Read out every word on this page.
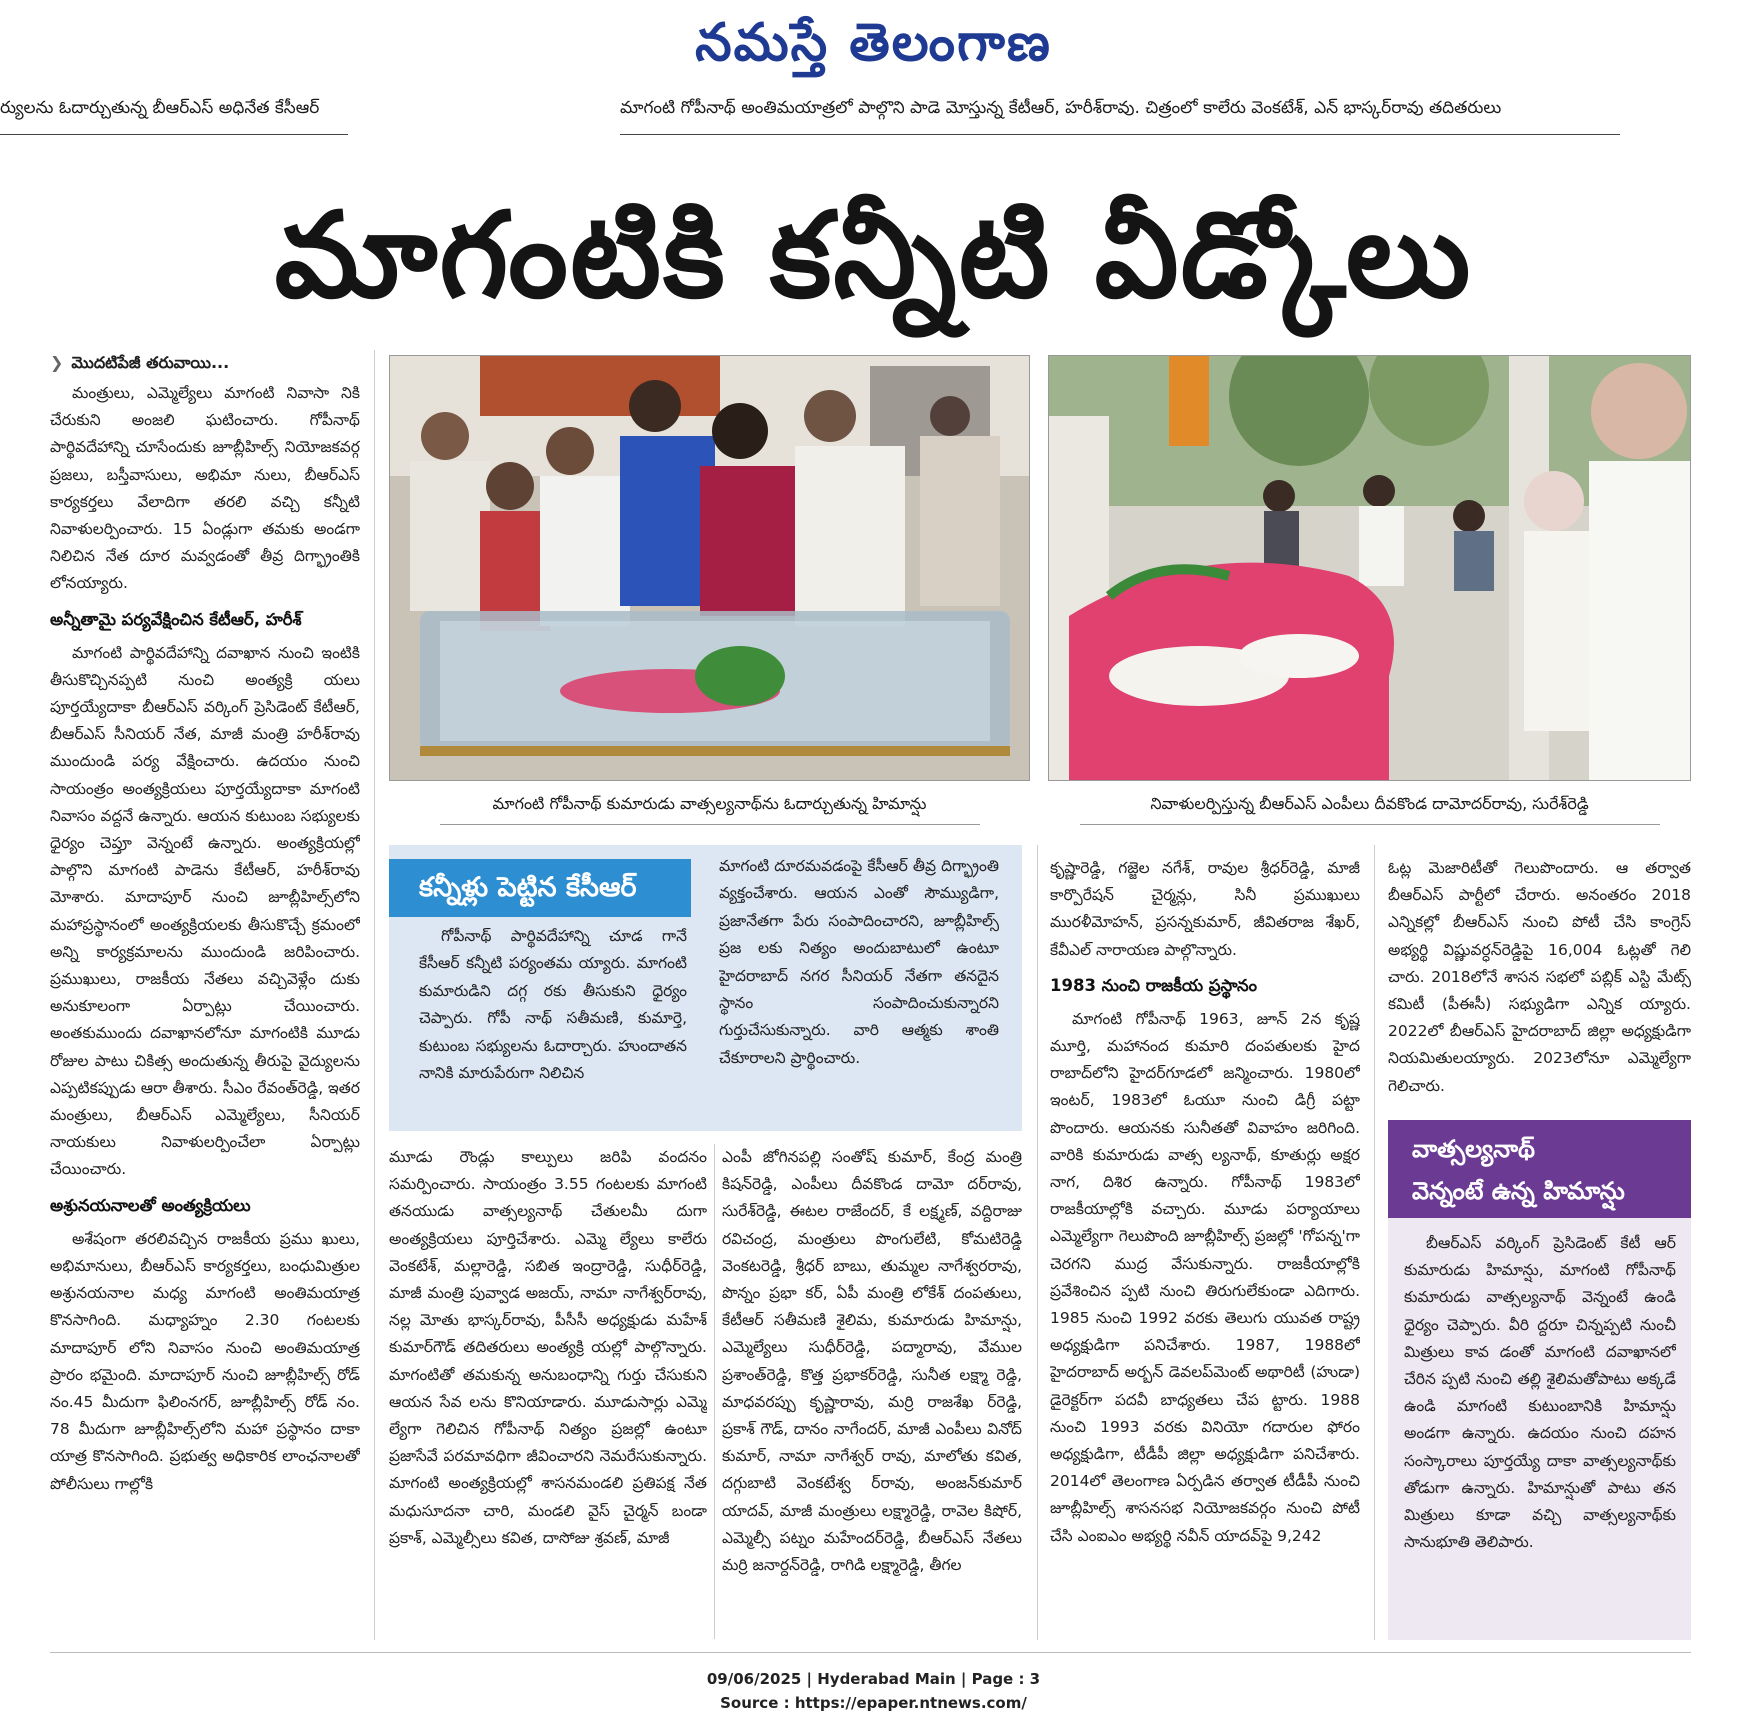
నమస్తే తెలంగాణ
ర్యులను ఓదార్చుతున్న బీఆర్‌ఎస్‌ అధినేత కేసీఆర్‌	మాగంటి గోపీనాథ్‌ అంతిమయాత్రలో పాల్గొని పాడె మోస్తున్న కేటీఆర్‌, హరీశ్‌రావు. చిత్రంలో కాలేరు వెంకటేశ్‌, ఎన్‌ భాస్కర్‌రావు తదితరులు
మాగంటికి కన్నీటి వీడ్కోలు
❯ మొదటిపేజీ తరువాయి...

మంత్రులు, ఎమ్మెల్యేలు మాగంటి నివాసా నికి చేరుకుని అంజలి ఘటించారు. గోపీనాథ్‌ పార్థివదేహాన్ని చూసేందుకు జూబ్లీహిల్స్‌ నియోజకవర్గ ప్రజలు, బస్తీవాసులు, అభిమా నులు, బీఆర్‌ఎస్‌ కార్యకర్తలు వేలాదిగా తరలి వచ్చి కన్నీటి నివాళులర్పించారు. 15 ఏండ్లుగా తమకు అండగా నిలిచిన నేత దూర మవ్వడంతో తీవ్ర దిగ్భ్రాంతికి లోనయ్యారు.

అన్నీతామై పర్యవేక్షించిన కేటీఆర్‌, హరీశ్‌

మాగంటి పార్థివదేహాన్ని దవాఖాన నుంచి ఇంటికి తీసుకొచ్చినప్పటి నుంచి అంత్యక్రి యలు పూర్తయ్యేదాకా బీఆర్‌ఎస్‌ వర్కింగ్‌ ప్రెసిడెంట్‌ కేటీఆర్‌, బీఆర్‌ఎస్‌ సీనియర్‌ నేత, మాజీ మంత్రి హరీశ్‌రావు ముందుండి పర్య వేక్షించారు. ఉదయం నుంచి సాయంత్రం అంత్యక్రియలు పూర్తయ్యేదాకా మాగంటి నివాసం వద్దనే ఉన్నారు. ఆయన కుటుంబ సభ్యులకు ధైర్యం చెప్తూ వెన్నంటే ఉన్నారు. అంత్యక్రియల్లో పాల్గొని మాగంటి పాడెను కేటీఆర్‌, హరీశ్‌రావు మోశారు. మాదాపూర్‌ నుంచి జూబ్లీహిల్స్‌లోని మహాప్రస్థానంలో అంత్యక్రియలకు తీసుకొచ్చే క్రమంలో అన్ని కార్యక్రమాలను ముందుండి జరిపించారు. ప్రముఖులు, రాజకీయ నేతలు వచ్చివెళ్లేం దుకు అనుకూలంగా ఏర్పాట్లు చేయించారు. అంతకుముందు దవాఖానలోనూ మాగంటికి మూడు రోజుల పాటు చికిత్స అందుతున్న తీరుపై వైద్యులను ఎప్పటికప్పుడు ఆరా తీశారు. సీఎం రేవంత్‌రెడ్డి, ఇతర మంత్రులు, బీఆర్‌ఎస్‌ ఎమ్మెల్యేలు, సీనియర్‌ నాయకులు నివాళులర్పించేలా ఏర్పాట్లు చేయించారు.

అశ్రునయనాలతో అంత్యక్రియలు

అశేషంగా తరలివచ్చిన రాజకీయ ప్రము ఖులు, అభిమానులు, బీఆర్‌ఎస్‌ కార్యకర్తలు, బంధుమిత్రుల అశ్రునయనాల మధ్య మాగంటి అంతిమయాత్ర కొనసాగింది. మధ్యాహ్నం 2.30 గంటలకు మాదాపూర్‌ లోని నివాసం నుంచి అంతిమయాత్ర ప్రారం భమైంది. మాదాపూర్‌ నుంచి జూబ్లీహిల్స్‌ రోడ్‌ నం.45 మీదుగా ఫిలింనగర్‌, జూబ్లీహిల్స్‌ రోడ్‌ నం. 78 మీదుగా జూబ్లీహిల్స్‌లోని మహా ప్రస్థానం దాకా యాత్ర కొనసాగింది. ప్రభుత్వ అధికారిక లాంఛనాలతో పోలీసులు గాల్లోకి

మాగంటి గోపీనాథ్‌ కుమారుడు వాత్సల్యనాథ్‌ను ఓదార్చుతున్న హిమాన్షు	నివాళులర్పిస్తున్న బీఆర్‌ఎస్‌ ఎంపీలు దీవకొండ దామోదర్‌రావు, సురేశ్‌రెడ్డి
కన్నీళ్లు పెట్టిన కేసీఆర్‌

గోపీనాథ్‌ పార్థివదేహాన్ని చూడ గానే కేసీఆర్‌ కన్నీటి పర్యంతమ య్యారు. మాగంటి కుమారుడిని దగ్గ రకు తీసుకుని ధైర్యం చెప్పారు. గోపీ నాథ్‌ సతీమణి, కుమార్తె, కుటుంబ సభ్యులను ఓదార్చారు. హుందాతన నానికి మారుపేరుగా నిలిచిన

మాగంటి దూరమవడంపై కేసీఆర్‌ తీవ్ర దిగ్భ్రాంతి వ్యక్తంచేశారు. ఆయన ఎంతో సౌమ్యుడిగా, ప్రజానేతగా పేరు సంపాదించారని, జూబ్లీహిల్స్‌ ప్రజ లకు నిత్యం అందుబాటులో ఉంటూ హైదరాబాద్‌ నగర సీనియర్‌ నేతగా తనదైన స్థానం సంపాదించుకున్నారని గుర్తుచేసుకున్నారు. వారి ఆత్మకు శాంతి చేకూరాలని ప్రార్థించారు.

మూడు రౌండ్లు కాల్పులు జరిపి వందనం సమర్పించారు. సాయంత్రం 3.55 గంటలకు మాగంటి తనయుడు వాత్సల్యనాథ్‌ చేతులమీ దుగా అంత్యక్రియలు పూర్తిచేశారు. ఎమ్మె ల్యేలు కాలేరు వెంకటేశ్‌, మల్లారెడ్డి, సబిత ఇంద్రారెడ్డి, సుధీర్‌రెడ్డి, మాజీ మంత్రి పువ్వాడ అజయ్‌, నామా నాగేశ్వర్‌రావు, నల్ల మోతు భాస్కర్‌రావు, పీసీసీ అధ్యక్షుడు మహేశ్‌ కుమార్‌గౌడ్‌ తదితరులు అంత్యక్రి యల్లో పాల్గొన్నారు. మాగంటితో తమకున్న అనుబంధాన్ని గుర్తు చేసుకుని ఆయన సేవ లను కొనియాడారు. మూడుసార్లు ఎమ్మె ల్యేగా గెలిచిన గోపీనాథ్‌ నిత్యం ప్రజల్లో ఉంటూ ప్రజాసేవే పరమావధిగా జీవించారని నెమరేసుకున్నారు. మాగంటి అంత్యక్రియల్లో శాసనమండలి ప్రతిపక్ష నేత మధుసూదనా చారి, మండలి వైస్‌ చైర్మన్‌ బండా ప్రకాశ్‌, ఎమ్మెల్సీలు కవిత, దాసోజు శ్రవణ్‌, మాజీ

ఎంపీ జోగినపల్లి సంతోష్‌ కుమార్‌, కేంద్ర మంత్రి కిషన్‌రెడ్డి, ఎంపీలు దీవకొండ దామో దర్‌రావు, సురేశ్‌రెడ్డి, ఈటల రాజేందర్‌, కే లక్ష్మణ్‌, వద్దిరాజు రవిచంద్ర, మంత్రులు పొంగులేటి, కోమటిరెడ్డి వెంకటరెడ్డి, శ్రీధర్‌ బాబు, తుమ్మల నాగేశ్వరరావు, పొన్నం ప్రభా కర్‌, ఏపీ మంత్రి లోకేశ్‌ దంపతులు, కేటీఆర్‌ సతీమణి శైలిమ, కుమారుడు హిమాన్షు, ఎమ్మెల్యేలు సుధీర్‌రెడ్డి, పద్మారావు, వేముల ప్రశాంత్‌రెడ్డి, కొత్త ప్రభాకర్‌రెడ్డి, సునీత లక్ష్మా రెడ్డి, మాధవరప్పు కృష్ణారావు, మర్రి రాజశేఖ ర్‌రెడ్డి, ప్రకాశ్‌ గౌడ్‌, దానం నాగేందర్‌, మాజీ ఎంపీలు వినోద్‌ కుమార్‌, నామా నాగేశ్వర్‌ రావు, మాలోతు కవిత, దగ్గుబాటి వెంకటేశ్వ ర్‌రావు, అంజన్‌కుమార్‌ యాదవ్‌, మాజీ మంత్రులు లక్ష్మారెడ్డి, రావెల కిషోర్‌, ఎమ్మెల్సీ పట్నం మహేందర్‌రెడ్డి, బీఆర్‌ఎస్‌ నేతలు మర్రి జనార్దన్‌రెడ్డి, రాగిడి లక్ష్మారెడ్డి, తీగల

కృష్ణారెడ్డి, గజ్జెల నగేశ్‌, రావుల శ్రీధర్‌రెడ్డి, మాజీ కార్పొరేషన్‌ చైర్మన్లు, సినీ ప్రముఖులు మురళీమోహన్‌, ప్రసన్నకుమార్‌, జీవితరాజ శేఖర్‌, కేవీఎల్‌ నారాయణ పాల్గొన్నారు.

1983 నుంచి రాజకీయ ప్రస్థానం

మాగంటి గోపీనాథ్‌ 1963, జూన్‌ 2న కృష్ణ మూర్తి, మహానంద కుమారి దంపతులకు హైద రాబాద్‌లోని హైదర్‌గూడలో జన్మించారు. 1980లో ఇంటర్‌, 1983లో ఓయూ నుంచి డిగ్రీ పట్టా పొందారు. ఆయనకు సునీతతో వివాహం జరిగింది. వారికి కుమారుడు వాత్స ల్యనాథ్‌, కూతుర్లు అక్షర నాగ, దిశిర ఉన్నారు. గోపీనాథ్‌ 1983లో రాజకీయాల్లోకి వచ్చారు. మూడు పర్యాయాలు ఎమ్మెల్యేగా గెలుపొంది జూబ్లీహిల్స్‌ ప్రజల్లో 'గోపన్న'గా చెరగని ముద్ర వేసుకున్నారు. రాజకీయాల్లోకి ప్రవేశించిన ప్పటి నుంచి తిరుగులేకుండా ఎదిగారు. 1985 నుంచి 1992 వరకు తెలుగు యువత రాష్ట్ర అధ్యక్షుడిగా పనిచేశారు. 1987, 1988లో హైదరాబాద్‌ అర్బన్‌ డెవలప్‌మెంట్‌ అథారిటీ (హుడా) డైరెక్టర్‌గా పదవీ బాధ్యతలు చేప ట్టారు. 1988 నుంచి 1993 వరకు వినియో గదారుల ఫోరం అధ్యక్షుడిగా, టీడీపీ జిల్లా అధ్యక్షుడిగా పనిచేశారు. 2014లో తెలంగాణ ఏర్పడిన తర్వాత టీడీపీ నుంచి జూబ్లీహిల్స్‌ శాసనసభ నియోజకవర్గం నుంచి పోటీ చేసి ఎంఐఎం అభ్యర్థి నవీన్‌ యాదవ్‌పై 9,242

ఓట్ల మెజారిటీతో గెలుపొందారు. ఆ తర్వాత బీఆర్‌ఎస్‌ పార్టీలో చేరారు. అనంతరం 2018 ఎన్నికల్లో బీఆర్‌ఎస్‌ నుంచి పోటీ చేసి కాంగ్రెస్‌ అభ్యర్థి విష్ణువర్ధన్‌రెడ్డిపై 16,004 ఓట్లతో గెలి చారు. 2018లోనే శాసన సభలో పబ్లిక్‌ ఎస్టి మేట్స్‌ కమిటీ (పీఈసీ) సభ్యుడిగా ఎన్నిక య్యారు. 2022లో బీఆర్‌ఎస్‌ హైదరాబాద్‌ జిల్లా అధ్యక్షుడిగా నియమితులయ్యారు. 2023లోనూ ఎమ్మెల్యేగా గెలిచారు.

వాత్సల్యనాథ్‌
వెన్నంటే ఉన్న హిమాన్షు

బీఆర్‌ఎస్‌ వర్కింగ్‌ ప్రెసిడెంట్‌ కేటీ ఆర్‌ కుమారుడు హిమాన్షు, మాగంటి గోపీనాథ్‌ కుమారుడు వాత్సల్యనాథ్‌ వెన్నంటే ఉండి ధైర్యం చెప్పారు. వీరి ద్దరూ చిన్నప్పటి నుంచీ మిత్రులు కావ డంతో మాగంటి దవాఖానలో చేరిన ప్పటి నుంచి తల్లి శైలిమతోపాటు అక్కడే ఉండి మాగంటి కుటుంబానికి హిమాన్షు అండగా ఉన్నారు. ఉదయం నుంచి దహన సంస్కారాలు పూర్తయ్యే దాకా వాత్సల్యనాథ్‌కు తోడుగా ఉన్నారు. హిమాన్షుతో పాటు తన మిత్రులు కూడా వచ్చి వాత్సల్యనాథ్‌కు సానుభూతి తెలిపారు.

09/06/2025 | Hyderabad Main | Page : 3
Source : https://epaper.ntnews.com/
